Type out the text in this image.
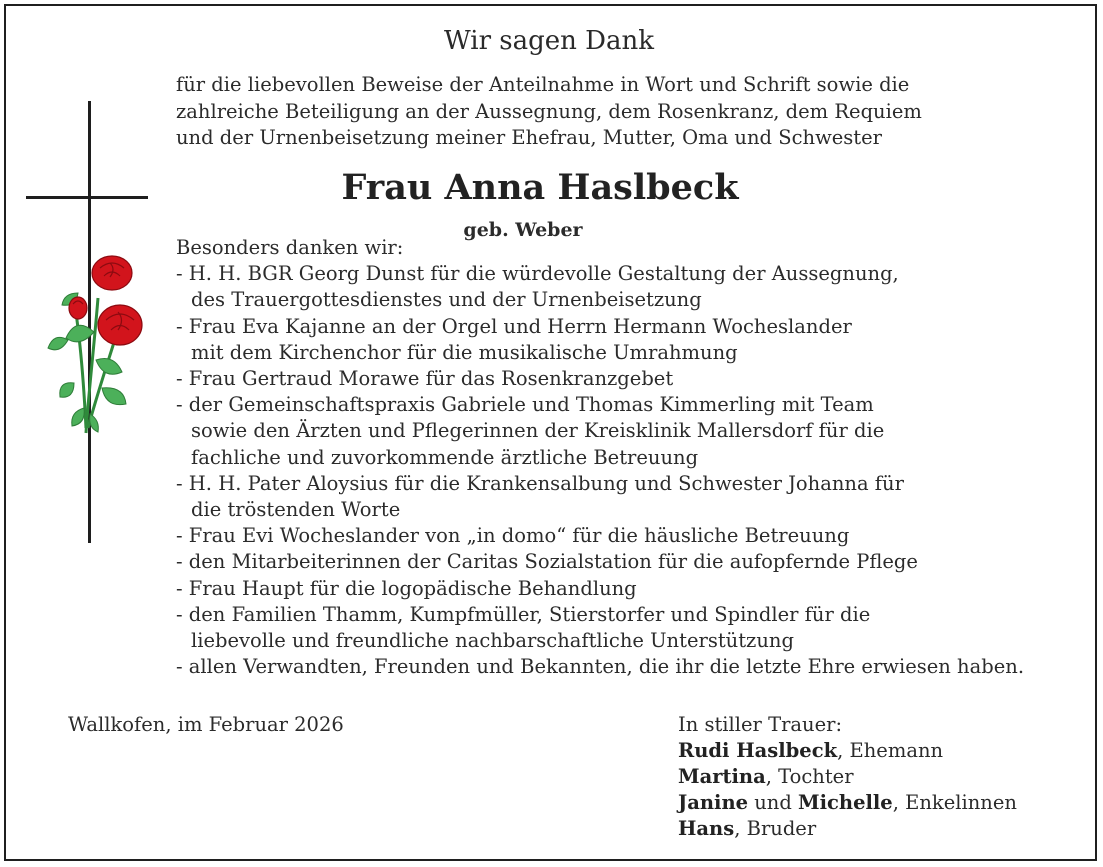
Wir sagen Dank
für die liebevollen Beweise der Anteilnahme in Wort und Schrift sowie die
zahlreiche Beteiligung an der Aussegnung, dem Rosenkranz, dem Requiem
und der Urnenbeisetzung meiner Ehefrau, Mutter, Oma und Schwester
Frau Anna Haslbeck
geb. Weber
Besonders danken wir:
- H. H. BGR Georg Dunst für die würdevolle Gestaltung der Aussegnung,
des Trauergottesdienstes und der Urnenbeisetzung
- Frau Eva Kajanne an der Orgel und Herrn Hermann Wocheslander
mit dem Kirchenchor für die musikalische Umrahmung
- Frau Gertraud Morawe für das Rosenkranzgebet
- der Gemeinschaftspraxis Gabriele und Thomas Kimmerling mit Team
sowie den Ärzten und Pflegerinnen der Kreisklinik Mallersdorf für die
fachliche und zuvorkommende ärztliche Betreuung
- H. H. Pater Aloysius für die Krankensalbung und Schwester Johanna für
die tröstenden Worte
- Frau Evi Wocheslander von „in domo“ für die häusliche Betreuung
- den Mitarbeiterinnen der Caritas Sozialstation für die aufopfernde Pflege
- Frau Haupt für die logopädische Behandlung
- den Familien Thamm, Kumpfmüller, Stierstorfer und Spindler für die
liebevolle und freundliche nachbarschaftliche Unterstützung
- allen Verwandten, Freunden und Bekannten, die ihr die letzte Ehre erwiesen haben.
Wallkofen, im Februar 2026	In stiller Trauer:
Rudi Haslbeck, Ehemann
Martina, Tochter
Janine und Michelle, Enkelinnen
Hans, Bruder
